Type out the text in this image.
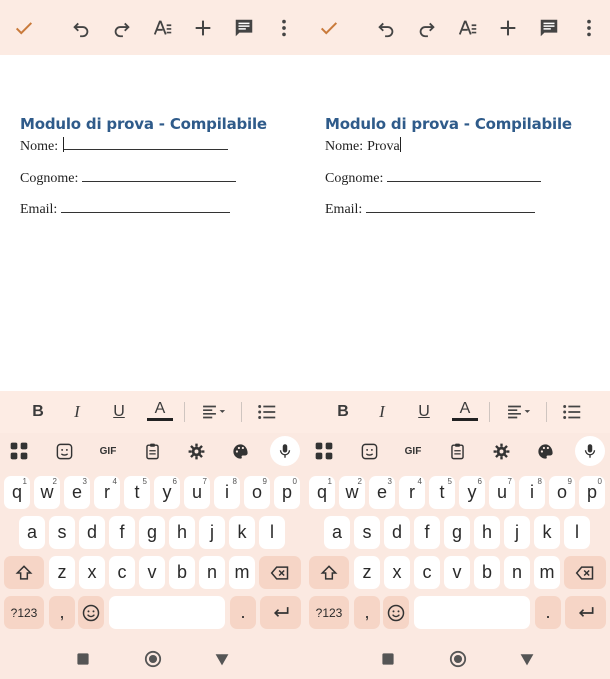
Modulo di prova - Compilabile
Nome:
Cognome:
Email:
B	I	U	A
GIF
q
1
w
2
e
3
r
4
t
5
y
6
u
7
i
8
o
9
p
0
a	s	d	f	g	h	j	k	l
z	x	c	v	b	n m
?123	,	.
Modulo di prova - Compilabile
Nome: Prova
Cognome:
Email:
B	I	U	A
GIF
q
1
w
2
e
3
r
4
t
5
y
6
u
7
i
8
o
9
p
0
a	s	d	f	g	h	j	k	l
z	x	c	v	b	n m
?123	,	.
